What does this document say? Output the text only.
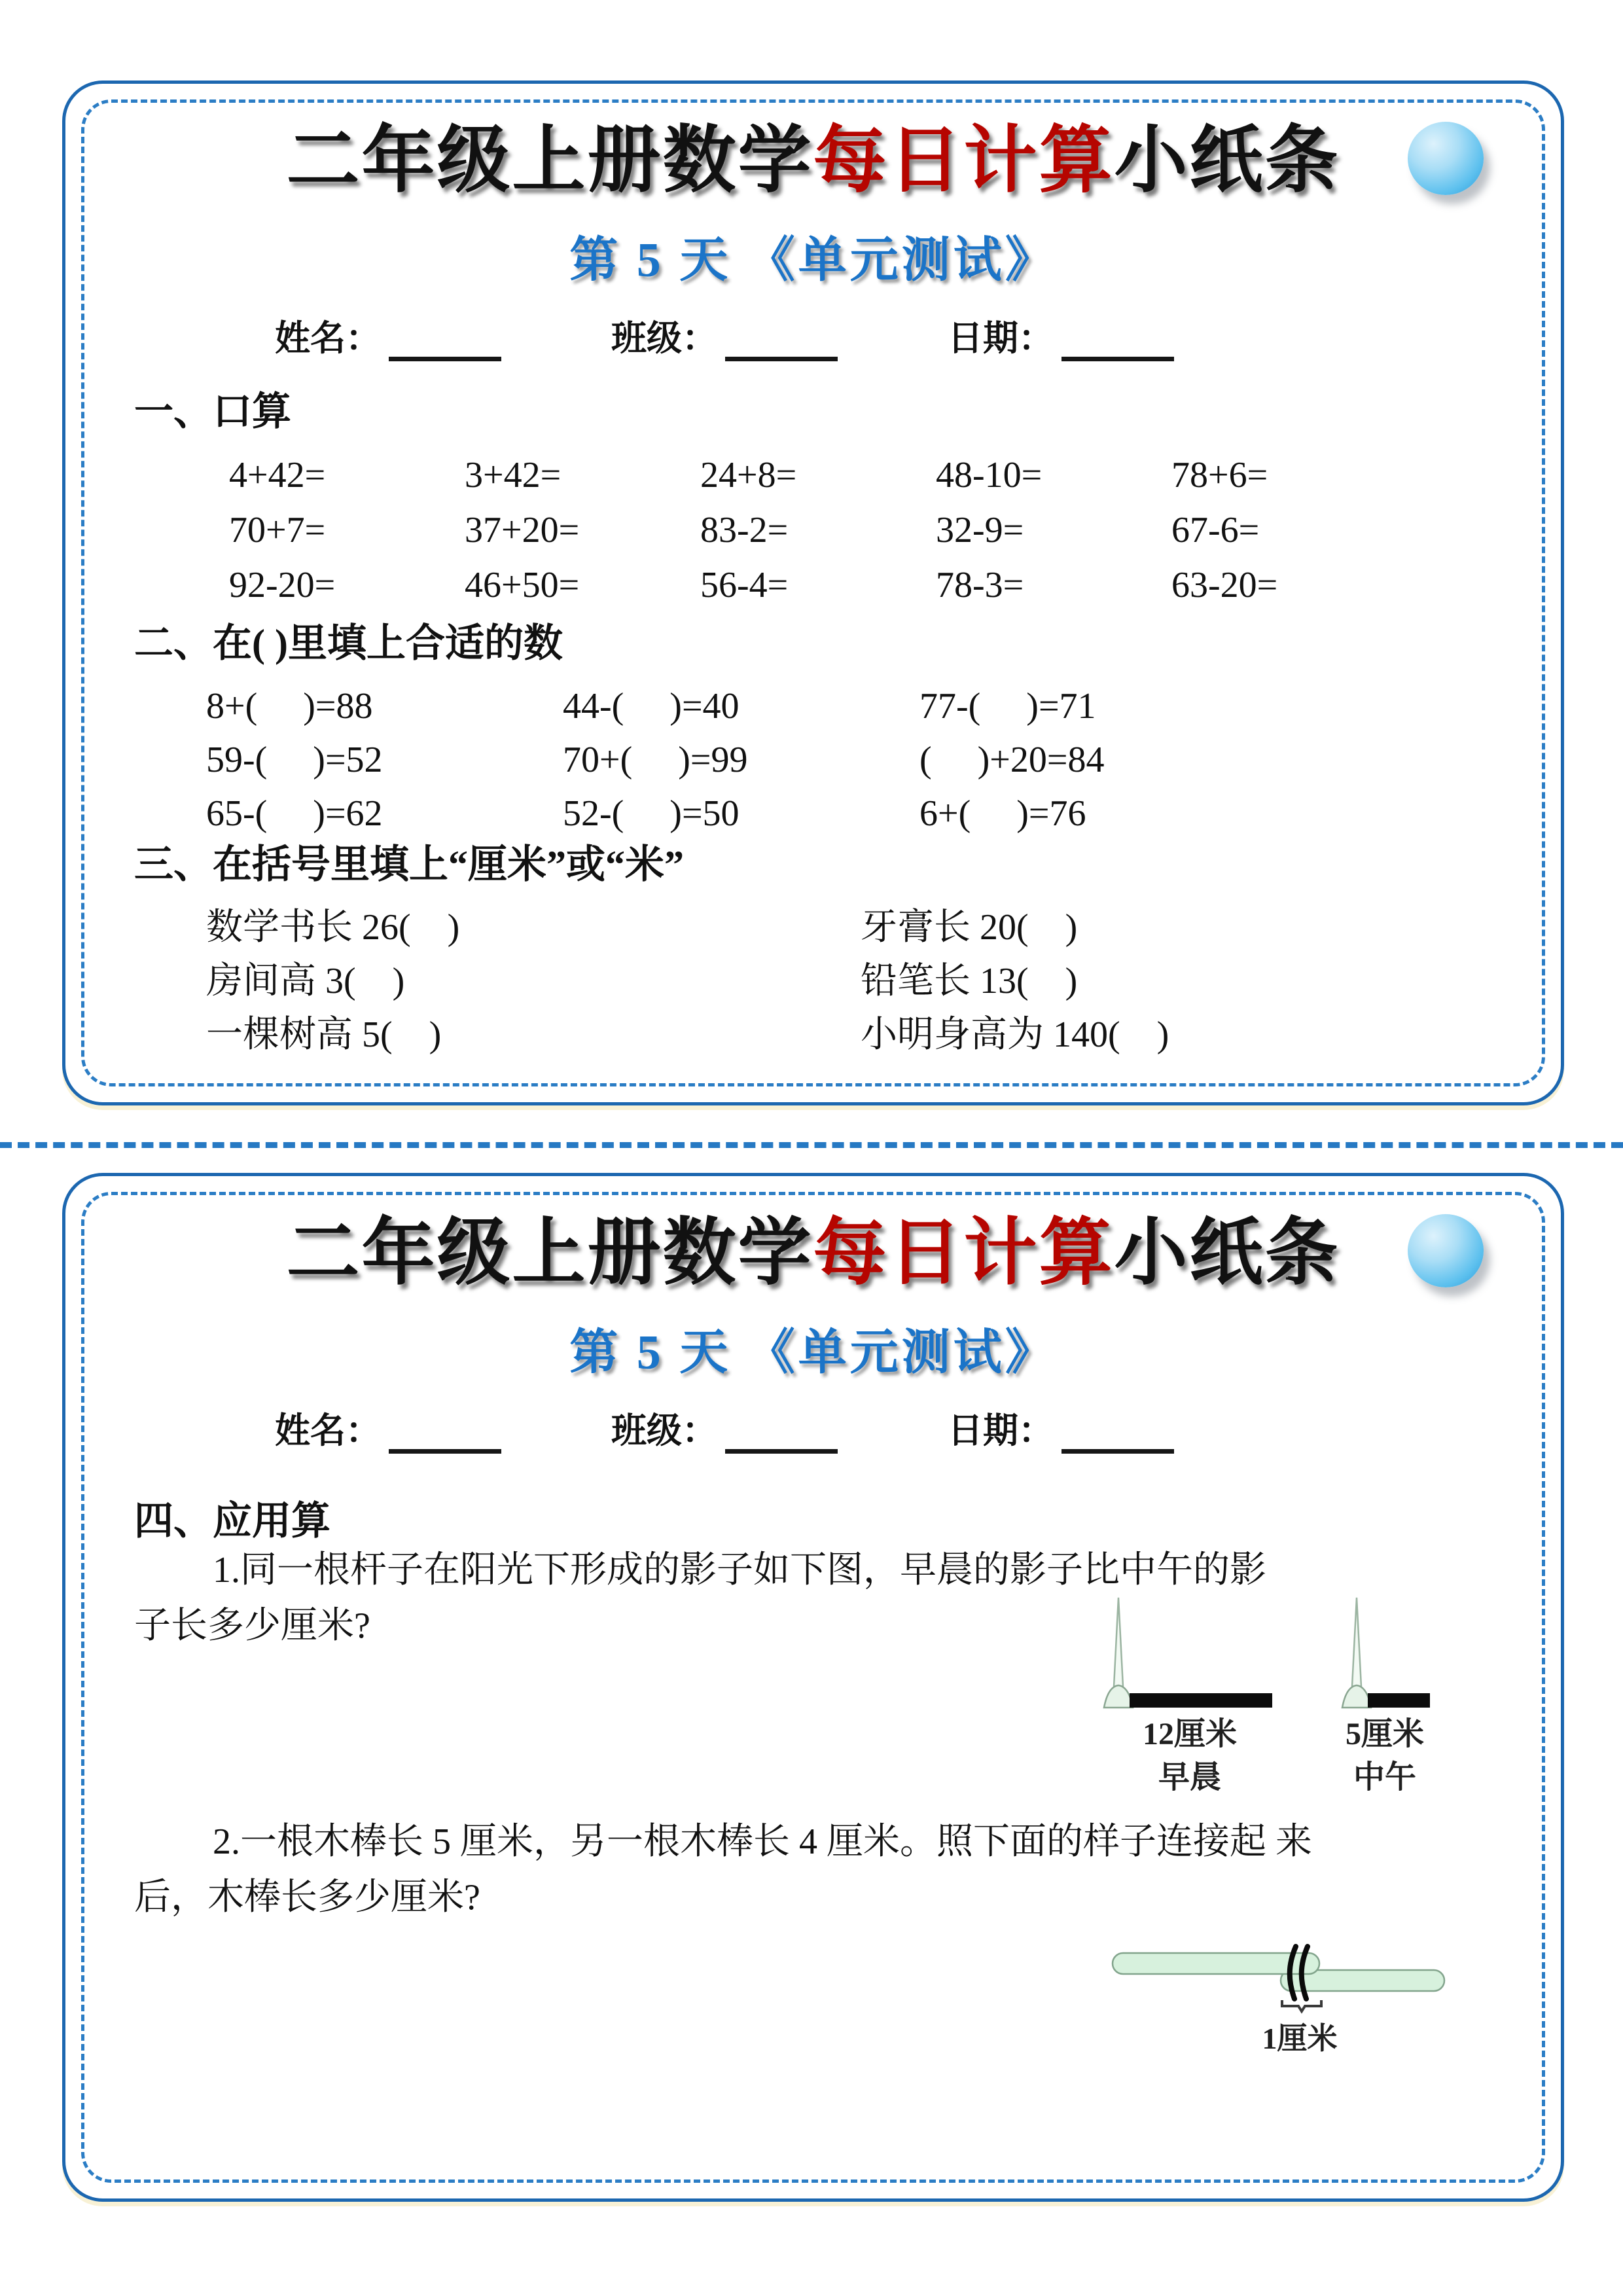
二年级上册数学每日计算小纸条
第 5 天 《单元测试》
姓名：	班级：	日期：
一、口算
4+42=	3+42=	24+8=	48-10=	78+6=
70+7=	37+20=	83-2=	32-9=	67-6=
92-20=	46+50=	56-4=	78-3=	63-20=
二、在( )里填上合适的数
8+(     )=88	44-(     )=40	77-(     )=71
59-(     )=52	70+(     )=99	(     )+20=84
65-(     )=62	52-(     )=50	6+(     )=76
三、在括号里填上“厘米”或“米”
数学书长 26(    )	牙膏长 20(    )
房间高 3(    )	铅笔长 13(    )
一棵树高 5(    )	小明身高为 140(    )
二年级上册数学每日计算小纸条
第 5 天 《单元测试》
姓名：	班级：	日期：
四、应用算

1.同一根杆子在阳光下形成的影子如下图，早晨的影子比中午的影

子长多少厘米?

12厘米
早晨
5厘米
中午

2.一根木棒长 5 厘米，另一根木棒长 4 厘米。照下面的样子连接起 来

后，木棒长多少厘米?

1厘米
